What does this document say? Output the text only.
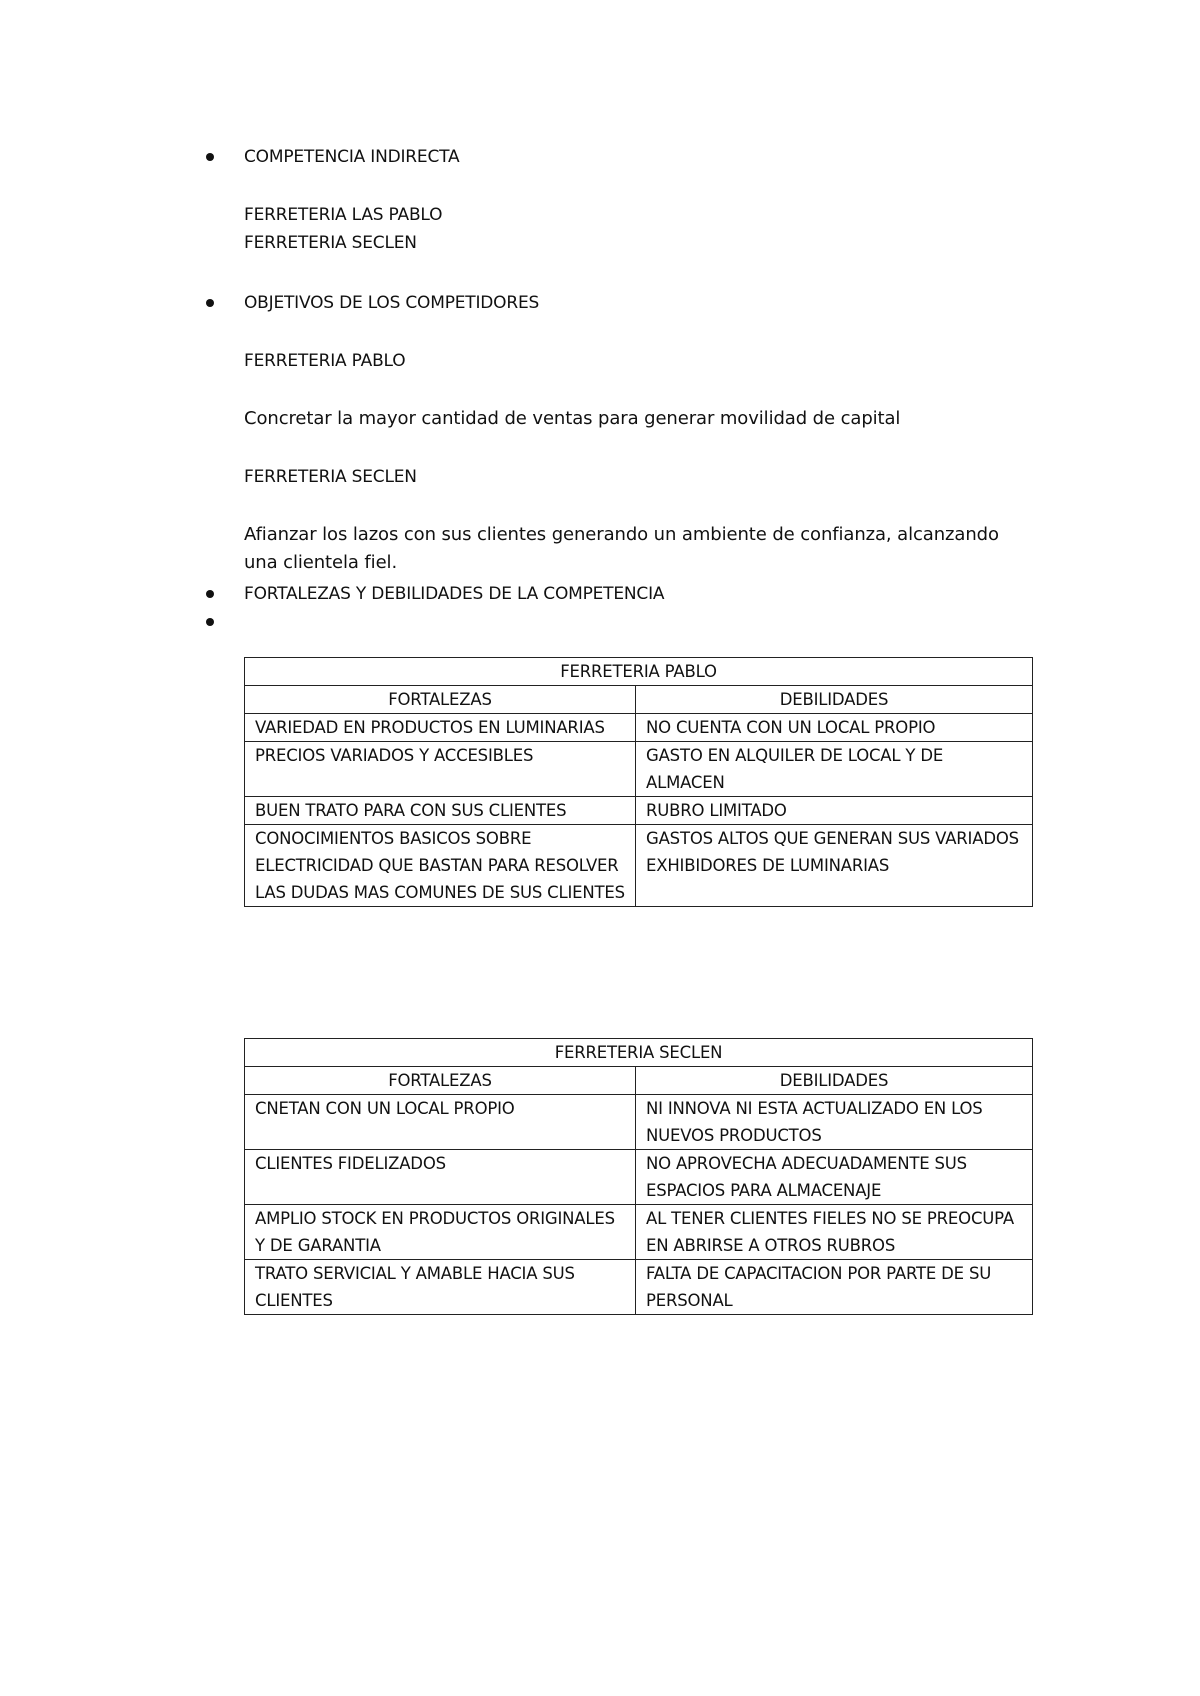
COMPETENCIA INDIRECTA
FERRETERIA LAS PABLO
FERRETERIA SECLEN
OBJETIVOS DE LOS COMPETIDORES
FERRETERIA PABLO
Concretar la mayor cantidad de ventas para generar movilidad de capital
FERRETERIA SECLEN
Afianzar los lazos con sus clientes generando un ambiente de confianza, alcanzando
una clientela fiel.
FORTALEZAS Y DEBILIDADES DE LA COMPETENCIA
FERRETERIA PABLO	
FORTALEZAS	DEBILIDADES
VARIEDAD EN PRODUCTOS EN LUMINARIAS	NO CUENTA CON UN LOCAL PROPIO
PRECIOS VARIADOS Y ACCESIBLES	GASTO EN ALQUILER DE LOCAL Y DE ALMACEN
BUEN TRATO PARA CON SUS CLIENTES	RUBRO LIMITADO
CONOCIMIENTOS BASICOS SOBRE ELECTRICIDAD QUE BASTAN PARA RESOLVER LAS DUDAS MAS COMUNES DE SUS CLIENTES	GASTOS ALTOS QUE GENERAN SUS VARIADOS EXHIBIDORES DE LUMINARIAS
FERRETERIA SECLEN	
FORTALEZAS	DEBILIDADES
CNETAN CON UN LOCAL PROPIO	NI INNOVA NI ESTA ACTUALIZADO EN LOS NUEVOS PRODUCTOS
CLIENTES FIDELIZADOS	NO APROVECHA ADECUADAMENTE SUS ESPACIOS PARA ALMACENAJE
AMPLIO STOCK EN PRODUCTOS ORIGINALES Y DE GARANTIA	AL TENER CLIENTES FIELES NO SE PREOCUPA EN ABRIRSE A OTROS RUBROS
TRATO SERVICIAL Y AMABLE HACIA SUS CLIENTES	FALTA DE CAPACITACION POR PARTE DE SU PERSONAL
